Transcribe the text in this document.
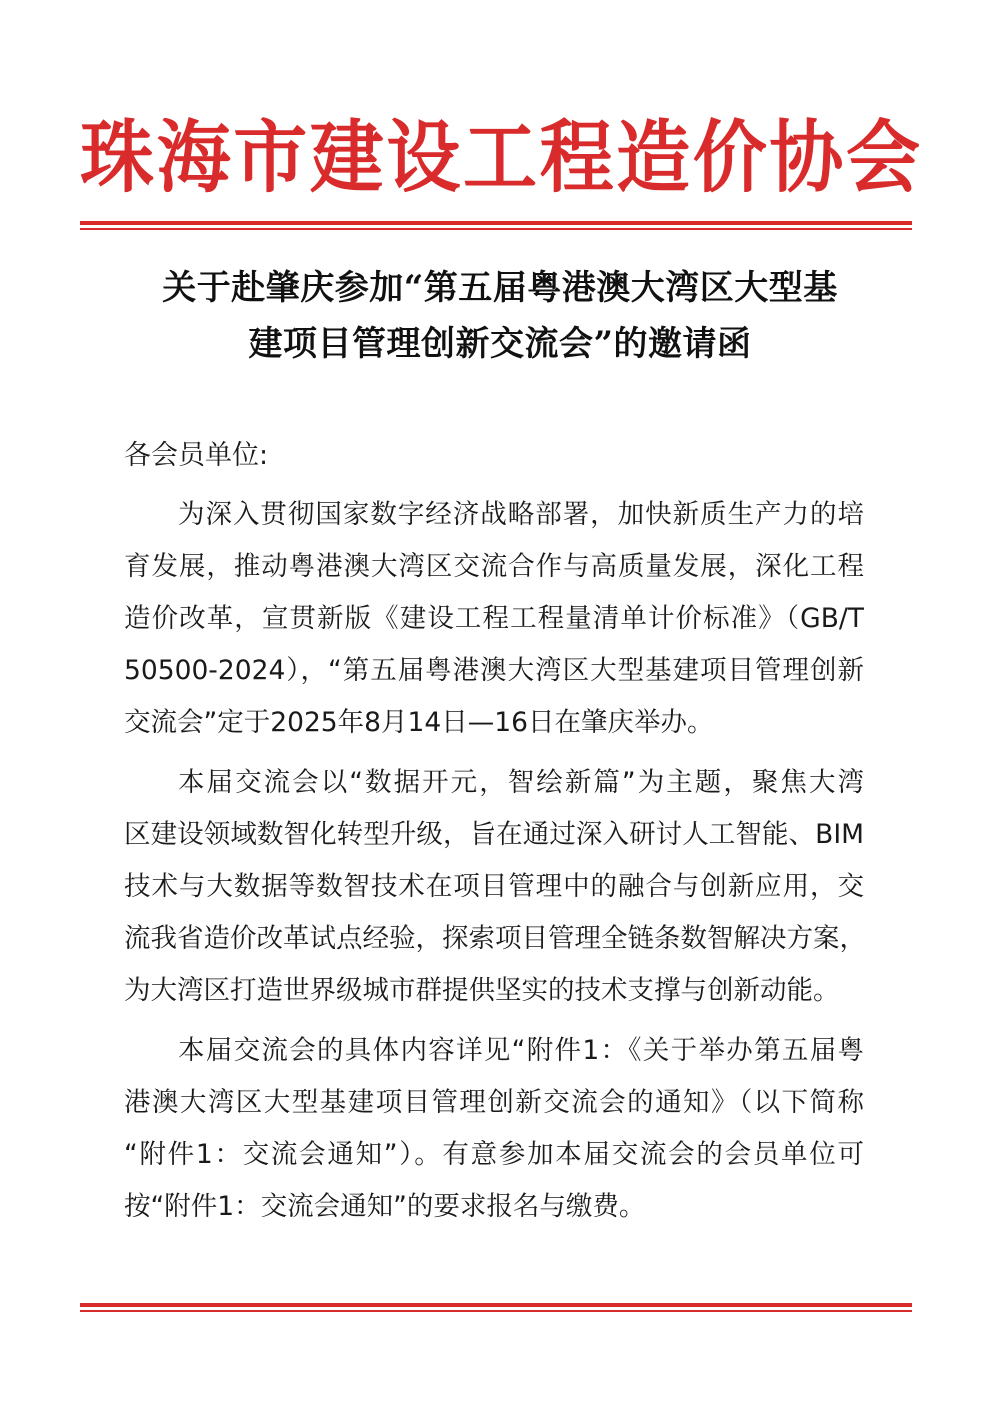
珠 海 市 建 设 工 程 造 价 协 会
关于赴肇庆参加“第五届粤港澳大湾区大型基
建项目管理创新交流会”的邀请函
各会员单位:
为深入贯彻国家数字经济战略部署，加快新质生产力的培
育发展，推动粤港澳大湾区交流合作与高质量发展，深化工程
造价改革，宣贯新版《建设工程工程量清单计价标准》（GB/T
50500-2024），“第五届粤港澳大湾区大型基建项目管理创新
交流会”定于2025年8月14日—16日在肇庆举办。
本届交流会以“数据开元，智绘新篇”为主题，聚焦大湾
区建设领域数智化转型升级，旨在通过深入研讨人工智能、BIM
技术与大数据等数智技术在项目管理中的融合与创新应用，交
流我省造价改革试点经验，探索项目管理全链条数智解决方案，
为大湾区打造世界级城市群提供坚实的技术支撑与创新动能。
本届交流会的具体内容详见“附件1：《关于举办第五届粤
港澳大湾区大型基建项目管理创新交流会的通知》（以下简称
“附件1：交流会通知”）。有意参加本届交流会的会员单位可
按“附件1：交流会通知”的要求报名与缴费。
